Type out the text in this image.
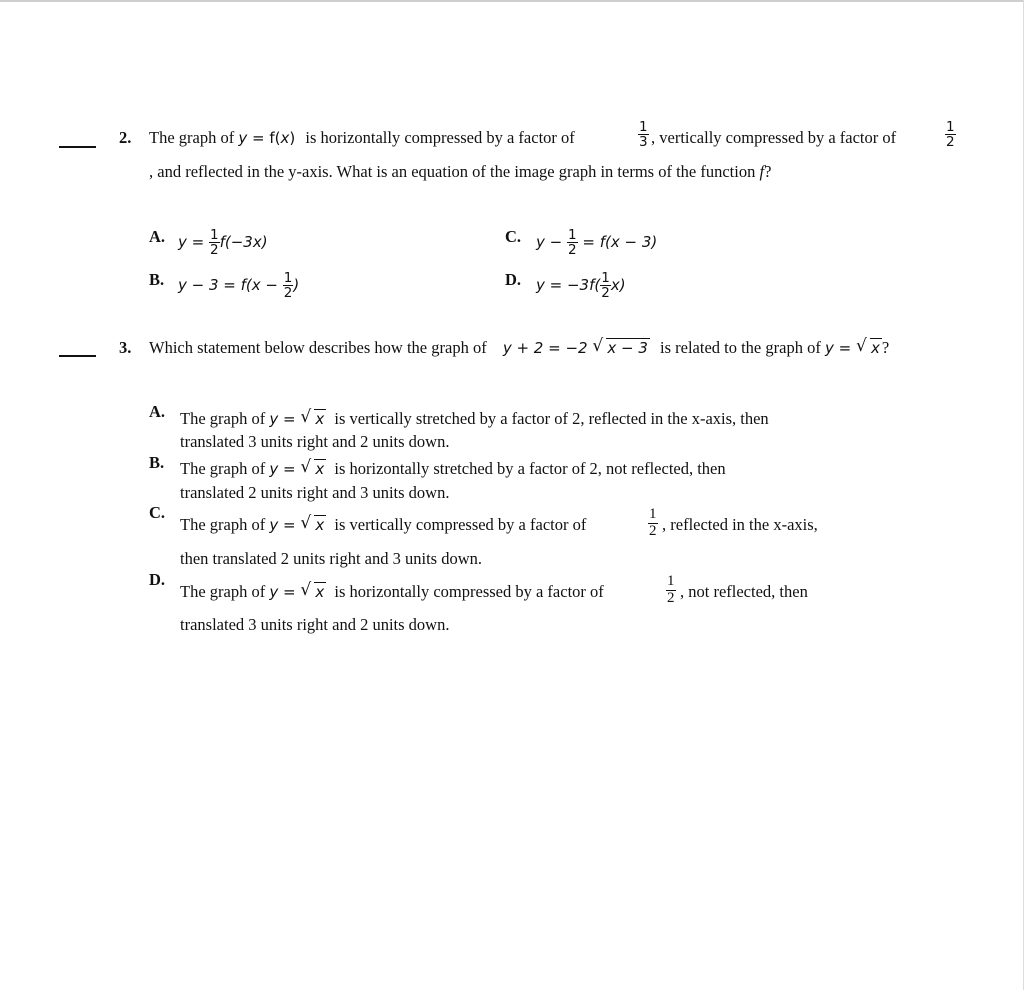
2. The graph of y = f(x) is horizontally compressed by a factor of	$\frac{1}{3}$ , vertically compressed by a factor of	$\frac{1}{2}$
, and reflected in the y-axis. What is an equation of the image graph in terms of the function f?
A. $y = \frac{1}{2} f(-3x)$
B. $y - 3 = f(x - \frac{1}{2}$ )
C. $y - \frac{1}{2} = f(x - 3)$
D. $y = -3f( \frac{1}{2} x)$
3. Which statement below describes how the graph of y + 2 = −2 √ x − 3 is related to the graph of y = √ x ?
A. The graph of y = √ x is vertically stretched by a factor of 2, reflected in the x-axis, then
translated 3 units right and 2 units down.
B. The graph of y = √ x is horizontally stretched by a factor of 2, not reflected, then
translated 2 units right and 3 units down.
C.
The graph of y = √ x is vertically compressed by a factor of	$\frac{1}{2}$ , reflected in the x-axis,
then translated 2 units right and 3 units down.
D.
The graph of y = √ x is horizontally compressed by a factor of	$\frac{1}{2}$ , not reflected, then
translated 3 units right and 2 units down.
